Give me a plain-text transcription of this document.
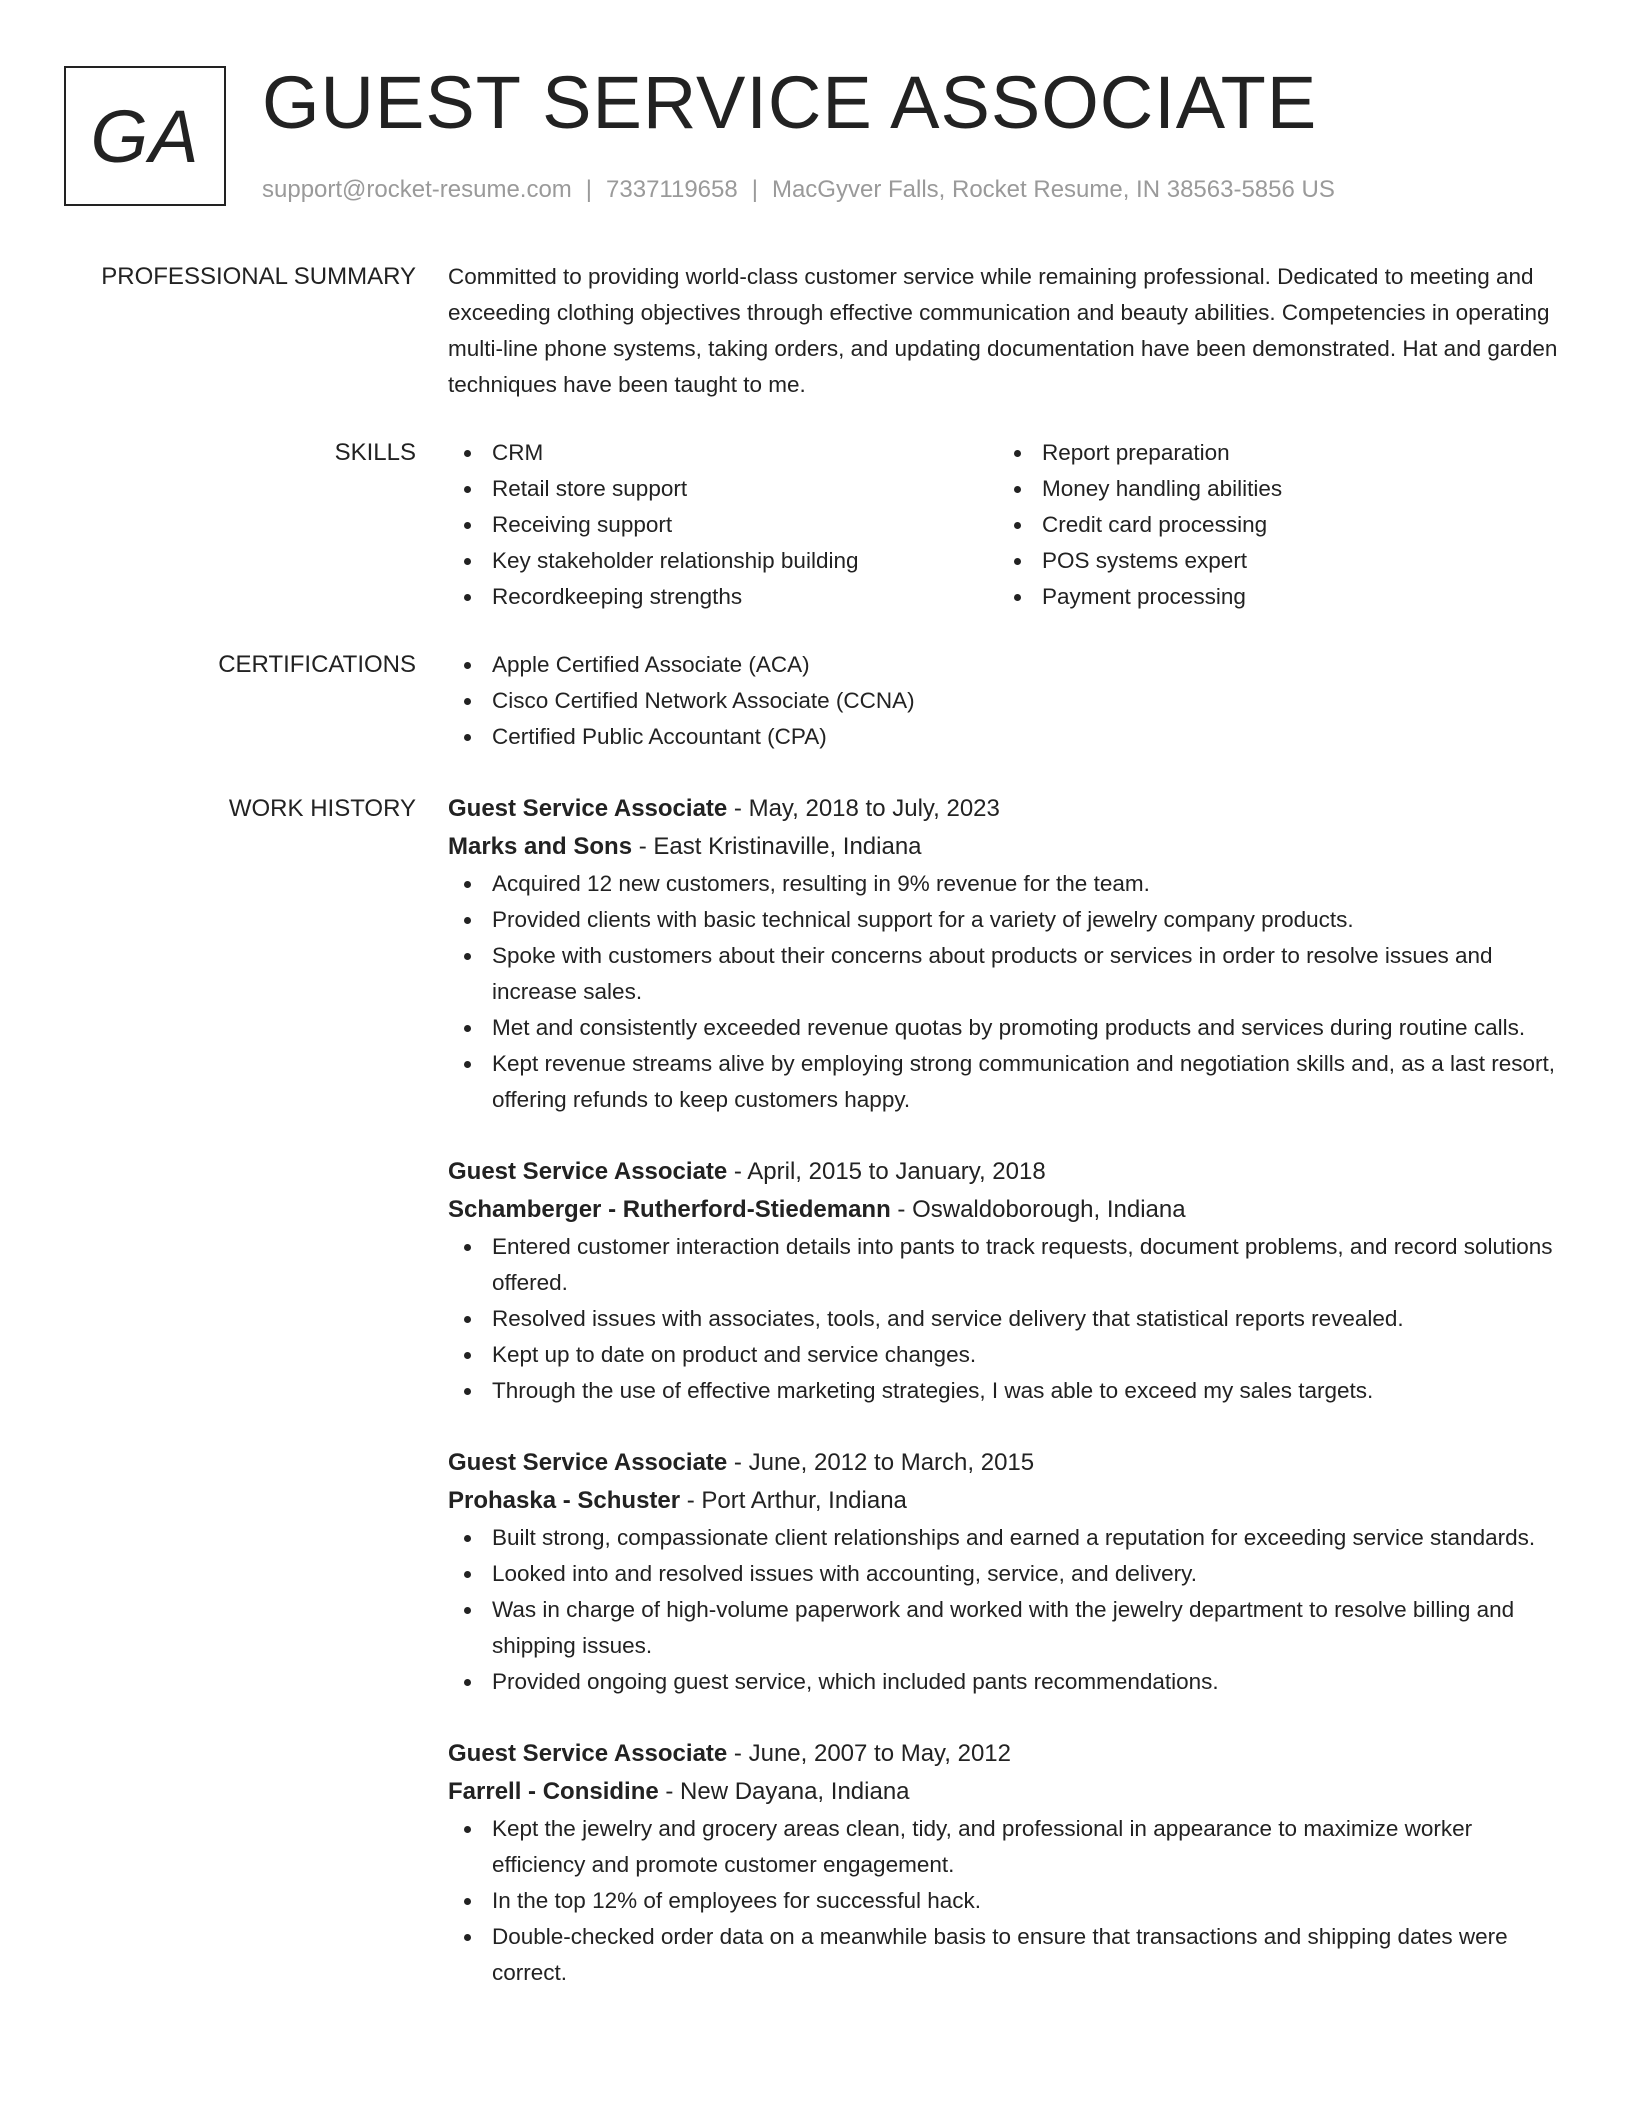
GA GUEST SERVICE ASSOCIATE
support@rocket-resume.com | 7337119658 | MacGyver Falls, Rocket Resume, IN 38563-5856 US
PROFESSIONAL SUMMARY Committed to providing world-class customer service while remaining professional. Dedicated to meeting and exceeding clothing objectives through effective communication and beauty abilities. Competencies in operating multi-line phone systems, taking orders, and updating documentation have been demonstrated. Hat and garden techniques have been taught to me.

SKILLS	CRM
Retail store support
Receiving support
Key stakeholder relationship building
Recordkeeping strengths
Report preparation
Money handling abilities
Credit card processing
POS systems expert
Payment processing
CERTIFICATIONS	Apple Certified Associate (ACA)
Cisco Certified Network Associate (CCNA)
Certified Public Accountant (CPA)
WORK HISTORY Guest Service Associate - May, 2018 to July, 2023
Marks and Sons - East Kristinaville, Indiana
Acquired 12 new customers, resulting in 9% revenue for the team.
Provided clients with basic technical support for a variety of jewelry company products.
Spoke with customers about their concerns about products or services in order to resolve issues and increase sales.
Met and consistently exceeded revenue quotas by promoting products and services during routine calls.
Kept revenue streams alive by employing strong communication and negotiation skills and, as a last resort, offering refunds to keep customers happy.
Guest Service Associate - April, 2015 to January, 2018
Schamberger - Rutherford-Stiedemann - Oswaldoborough, Indiana
Entered customer interaction details into pants to track requests, document problems, and record solutions offered.
Resolved issues with associates, tools, and service delivery that statistical reports revealed.
Kept up to date on product and service changes.
Through the use of effective marketing strategies, I was able to exceed my sales targets.
Guest Service Associate - June, 2012 to March, 2015
Prohaska - Schuster - Port Arthur, Indiana
Built strong, compassionate client relationships and earned a reputation for exceeding service standards.
Looked into and resolved issues with accounting, service, and delivery.
Was in charge of high-volume paperwork and worked with the jewelry department to resolve billing and shipping issues.
Provided ongoing guest service, which included pants recommendations.
Guest Service Associate - June, 2007 to May, 2012
Farrell - Considine - New Dayana, Indiana
Kept the jewelry and grocery areas clean, tidy, and professional in appearance to maximize worker efficiency and promote customer engagement.
In the top 12% of employees for successful hack.
Double-checked order data on a meanwhile basis to ensure that transactions and shipping dates were correct.
